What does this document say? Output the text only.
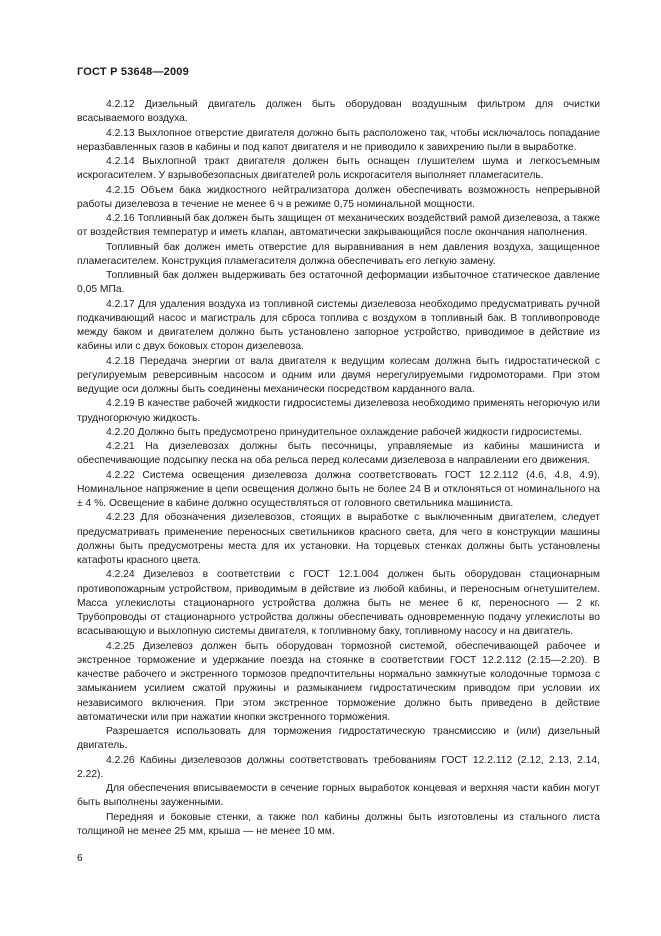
ГОСТ Р 53648—2009

4.2.12 Дизельный двигатель должен быть оборудован воздушным фильтром для очистки всасываемого воздуха.

4.2.13 Выхлопное отверстие двигателя должно быть расположено так, чтобы исключалось попадание неразбавленных газов в кабины и под капот двигателя и не приводило к завихрению пыли в выработке.

4.2.14 Выхлопной тракт двигателя должен быть оснащен глушителем шума и легкосъемным искрогасителем. У взрывобезопасных двигателей роль искрогасителя выполняет пламегаситель.

4.2.15 Объем бака жидкостного нейтрализатора должен обеспечивать возможность непрерывной работы дизелевоза в течение не менее 6 ч в режиме 0,75 номинальной мощности.

4.2.16 Топливный бак должен быть защищен от механических воздействий рамой дизелевоза, а также от воздействия температур и иметь клапан, автоматически закрывающийся после окончания наполнения.

Топливный бак должен иметь отверстие для выравнивания в нем давления воздуха, защищенное пламегасителем. Конструкция пламегасителя должна обеспечивать его легкую замену.

Топливный бак должен выдерживать без остаточной деформации избыточное статическое давление 0,05 МПа.

4.2.17 Для удаления воздуха из топливной системы дизелевоза необходимо предусматривать ручной подкачивающий насос и магистраль для сброса топлива с воздухом в топливный бак. В топливопроводе между баком и двигателем должно быть установлено запорное устройство, приводимое в действие из кабины или с двух боковых сторон дизелевоза.

4.2.18 Передача энергии от вала двигателя к ведущим колесам должна быть гидростатической с регулируемым реверсивным насосом и одним или двумя нерегулируемыми гидромоторами. При этом ведущие оси должны быть соединены механически посредством карданного вала.

4.2.19 В качестве рабочей жидкости гидросистемы дизелевоза необходимо применять негорючую или трудногорючую жидкость.

4.2.20 Должно быть предусмотрено принудительное охлаждение рабочей жидкости гидросистемы.

4.2.21 На дизелевозах должны быть песочницы, управляемые из кабины машиниста и обеспечивающие подсыпку песка на оба рельса перед колесами дизелевоза в направлении его движения.

4.2.22 Система освещения дизелевоза должна соответствовать ГОСТ 12.2.112 (4.6, 4.8, 4.9). Номинальное напряжение в цепи освещения должно быть не более 24 В и отклоняться от номинального на ± 4 %. Освещение в кабине должно осуществляться от головного светильника машиниста.

4.2.23 Для обозначения дизелевозов, стоящих в выработке с выключенным двигателем, следует предусматривать применение переносных светильников красного света, для чего в конструкции машины должны быть предусмотрены места для их установки. На торцевых стенках должны быть установлены катафоты красного цвета.

4.2.24 Дизелевоз в соответствии с ГОСТ 12.1.004 должен быть оборудован стационарным противопожарным устройством, приводимым в действие из любой кабины, и переносным огнетушителем. Масса углекислоты стационарного устройства должна быть не менее 6 кг, переносного — 2 кг. Трубопроводы от стационарного устройства должны обеспечивать одновременную подачу углекислоты во всасывающую и выхлопную системы двигателя, к топливному баку, топливному насосу и на двигатель.

4.2.25 Дизелевоз должен быть оборудован тормозной системой, обеспечивающей рабочее и экстренное торможение и удержание поезда на стоянке в соответствии ГОСТ 12.2.112 (2.15—2.20). В качестве рабочего и экстренного тормозов предпочтительны нормально замкнутые колодочные тормоза с замыканием усилием сжатой пружины и размыканием гидростатическим приводом при условии их независимого включения. При этом экстренное торможение должно быть приведено в действие автоматически или при нажатии кнопки экстренного торможения.

Разрешается использовать для торможения гидростатическую трансмиссию и (или) дизельный двигатель.

4.2.26 Кабины дизелевозов должны соответствовать требованиям ГОСТ 12.2.112 (2.12, 2.13, 2.14, 2.22).

Для обеспечения вписываемости в сечение горных выработок концевая и верхняя части кабин могут быть выполнены зауженными.

Передняя и боковые стенки, а также пол кабины должны быть изготовлены из стального листа толщиной не менее 25 мм, крыша — не менее 10 мм.

6
